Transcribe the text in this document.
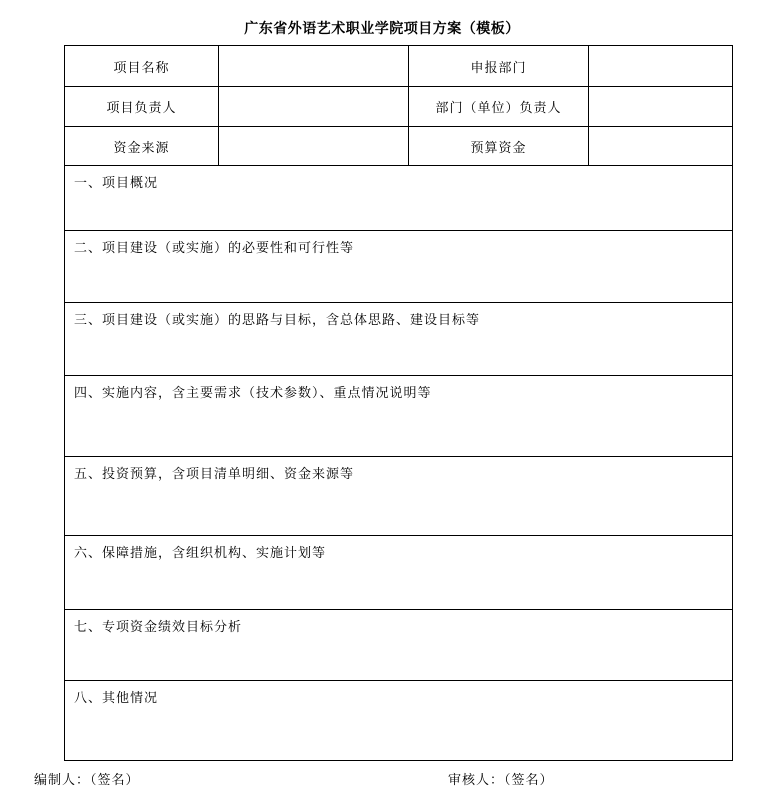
广东省外语艺术职业学院项目方案（模板）
项目名称		申报部门	
项目负责人		部门（单位）负责人	
资金来源		预算资金	
一、项目概况			
二、项目建设（或实施）的必要性和可行性等			
三、项目建设（或实施）的思路与目标，含总体思路、建设目标等			
四、实施内容，含主要需求（技术参数）、重点情况说明等			
五、投资预算，含项目清单明细、资金来源等			
六、保障措施，含组织机构、实施计划等			
七、专项资金绩效目标分析			
八、其他情况			
编制人：（签名）	审核人：（签名）
